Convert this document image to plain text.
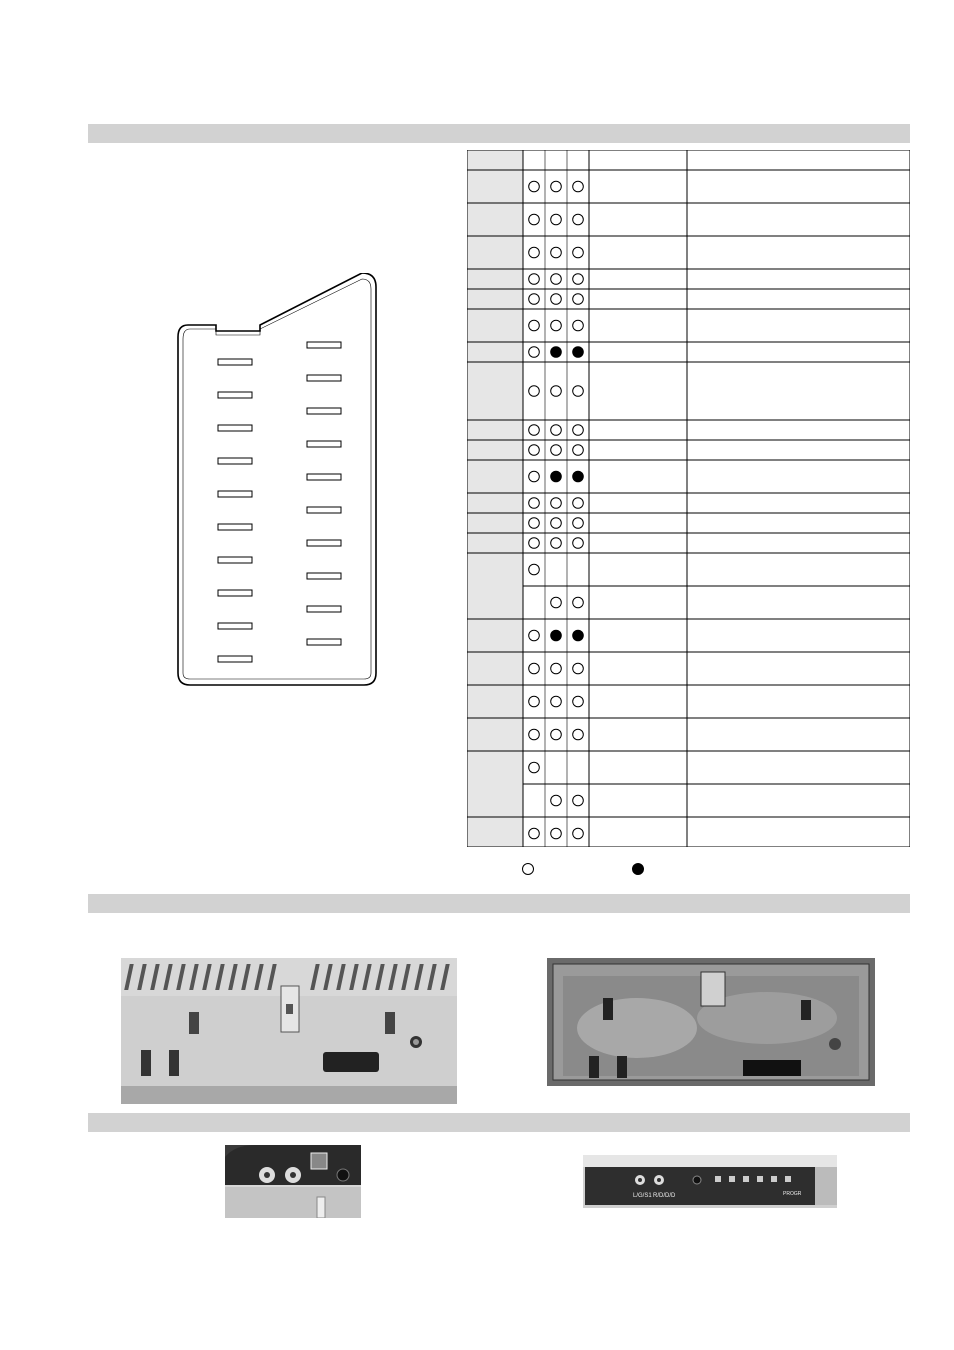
L/G/S1 R/D/D/D	PROGR
